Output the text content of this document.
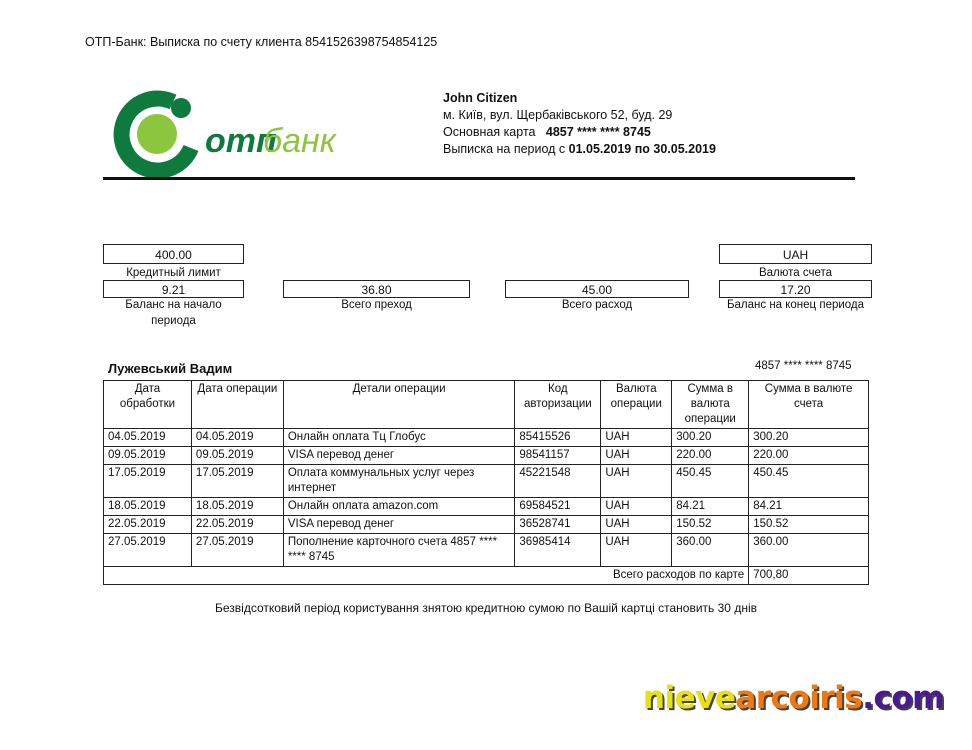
ОТП-Банк: Выписка по счету клиента 8541526398754854125
отп
банк
John Citizen
м. Київ, вул. Щербаківського 52, буд. 29
Основная карта 4857 **** **** 8745
Выписка на период с 01.05.2019 по 30.05.2019
400.00
Кредитный лимит
UAH
Валюта счета
9.21
Баланс на начало периода
36.80
Всего преход
45.00
Всего расход
17.20
Баланс на конец периода
Лужевський Вадим	4857 **** **** 8745
Дата обработки	Дата операции	Детали операции	Код авторизации	Валюта операции	Сумма в валюта операции	Сумма в валюте счета
04.05.2019	04.05.2019	Онлайн оплата Тц Глобус	85415526	UAH	300.20	300.20
09.05.2019	09.05.2019	VISA перевод денег	98541157	UAH	220.00	220.00
17.05.2019	17.05.2019	Оплата коммунальных услуг через интернет	45221548	UAH	450.45	450.45
18.05.2019	18.05.2019	Онлайн оплата amazon.com	69584521	UAH	84.21	84.21
22.05.2019	22.05.2019	VISA перевод денег	36528741	UAH	150.52	150.52
27.05.2019	27.05.2019	Пополнение карточного счета 4857 **** **** 8745	36985414	UAH	360.00	360.00
Всего расходов по карте						700,80
Безвідсотковий період користування знятою кредитною сумою по Вашій картці становить 30 днів
nievearcoiris.com
